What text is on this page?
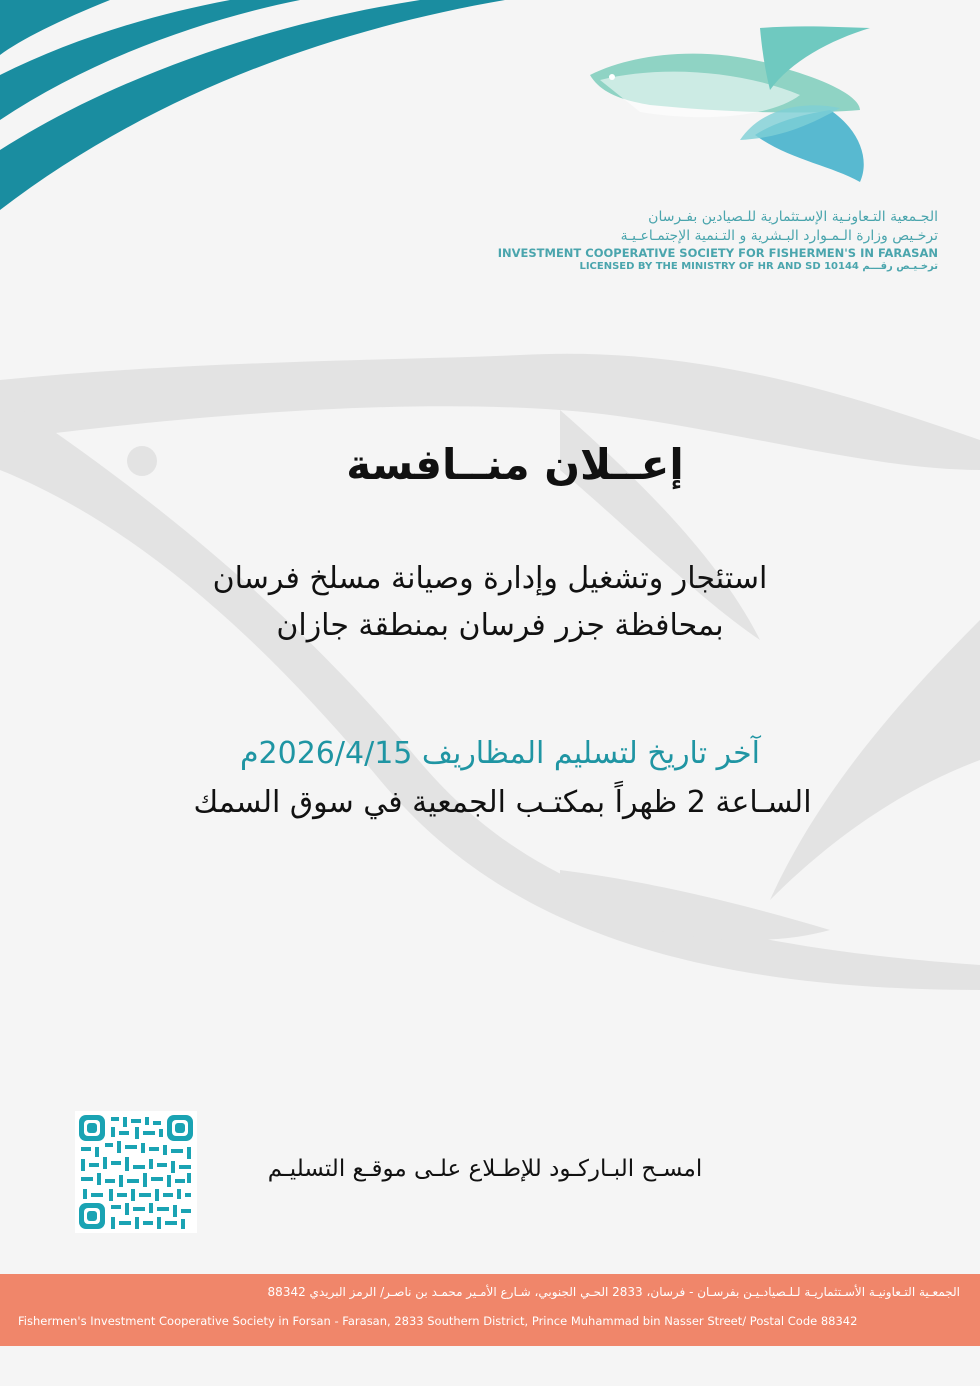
الجـمعية التـعاونـية الإسـتثمارية للـصيادين بفـرسان
ترخـيص وزارة الـمـوارد البـشرية و التـنمية الإجتمـاعـيـة
INVESTMENT COOPERATIVE SOCIETY FOR FISHERMEN'S IN FARASAN
LICENSED BY THE MINISTRY OF HR AND SD 10144 ترخـيـص رقـــم
إعــلان منــافسة
استئجار وتشغيل وإدارة وصيانة مسلخ فرسان
بمحافظة جزر فرسان بمنطقة جازان
آخر تاريخ لتسليم المظاريف 2026/4/15م
السـاعة 2 ظهراً بمكتـب الجمعية في سوق السمك
امسـح البـاركـود للإطـلاع علـى موقـع التسليـم
الجمعـية التـعاونيـة الأسـتثماريـة لـلـصيادـيـن بفرسـان - فرسان، 2833 الحـي الجنوبي، شـارع الأمـير محمـد بن ناصـر/ الرمز البريدي 88342
Fishermen's Investment Cooperative Society in Forsan - Farasan, 2833 Southern District, Prince Muhammad bin Nasser Street/ Postal Code 88342
